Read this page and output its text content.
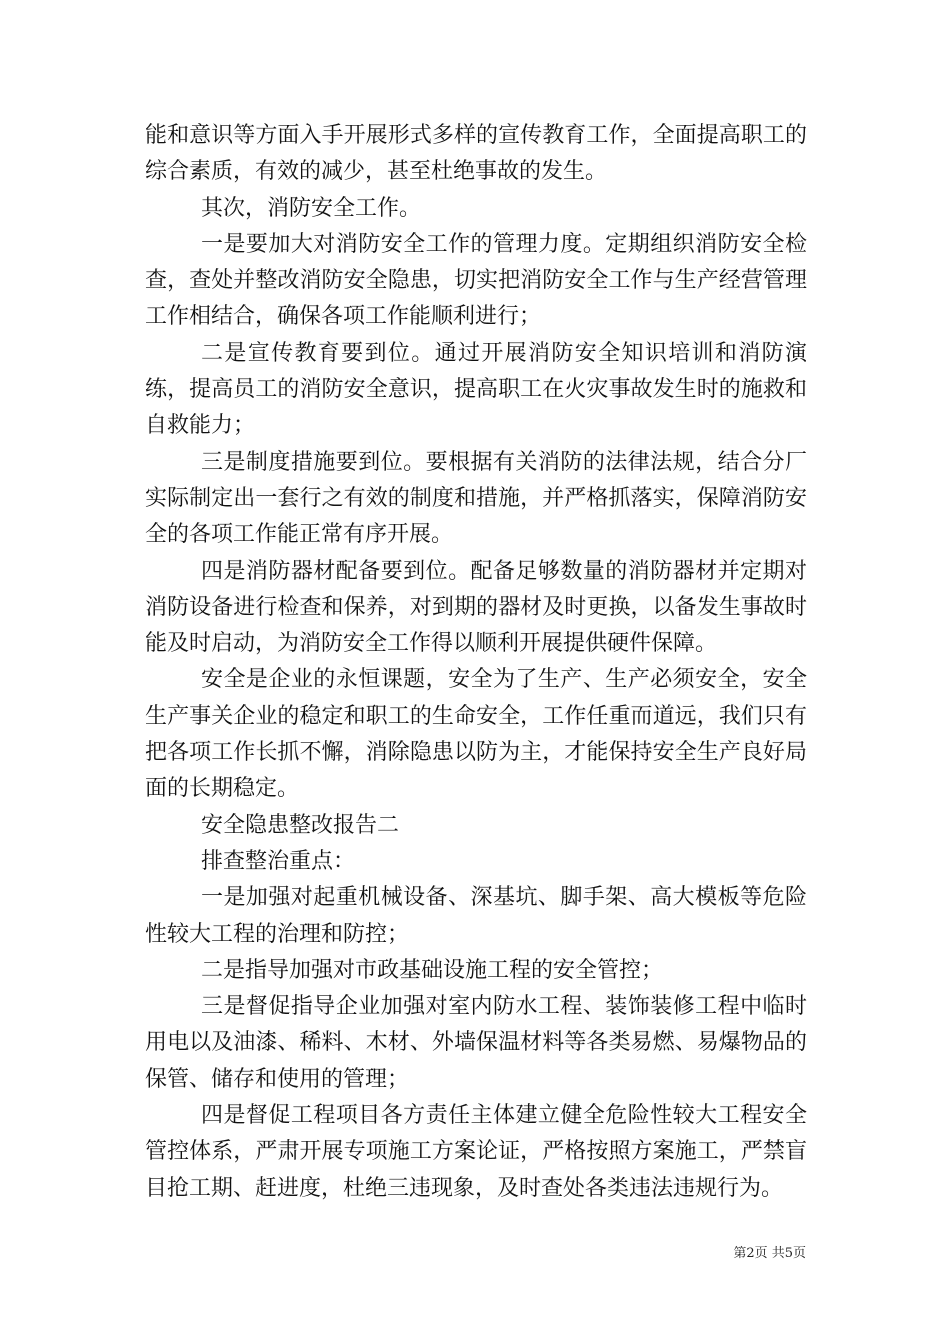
能和意识等方面入手开展形式多样的宣传教育工作，全面提高职工的综合素质，有效的减少，甚至杜绝事故的发生。

其次，消防安全工作。

一是要加大对消防安全工作的管理力度。定期组织消防安全检查，查处并整改消防安全隐患，切实把消防安全工作与生产经营管理工作相结合，确保各项工作能顺利进行；

二是宣传教育要到位。通过开展消防安全知识培训和消防演练，提高员工的消防安全意识，提高职工在火灾事故发生时的施救和自救能力；

三是制度措施要到位。要根据有关消防的法律法规，结合分厂实际制定出一套行之有效的制度和措施，并严格抓落实，保障消防安全的各项工作能正常有序开展。

四是消防器材配备要到位。配备足够数量的消防器材并定期对消防设备进行检查和保养，对到期的器材及时更换，以备发生事故时能及时启动，为消防安全工作得以顺利开展提供硬件保障。

安全是企业的永恒课题，安全为了生产、生产必须安全，安全生产事关企业的稳定和职工的生命安全，工作任重而道远，我们只有把各项工作长抓不懈，消除隐患以防为主，才能保持安全生产良好局面的长期稳定。

安全隐患整改报告二

排查整治重点：

一是加强对起重机械设备、深基坑、脚手架、高大模板等危险性较大工程的治理和防控；

二是指导加强对市政基础设施工程的安全管控；

三是督促指导企业加强对室内防水工程、装饰装修工程中临时用电以及油漆、稀料、木材、外墙保温材料等各类易燃、易爆物品的保管、储存和使用的管理；

四是督促工程项目各方责任主体建立健全危险性较大工程安全管控体系，严肃开展专项施工方案论证，严格按照方案施工，严禁盲目抢工期、赶进度，杜绝三违现象，及时查处各类违法违规行为。

第2页 共5页
